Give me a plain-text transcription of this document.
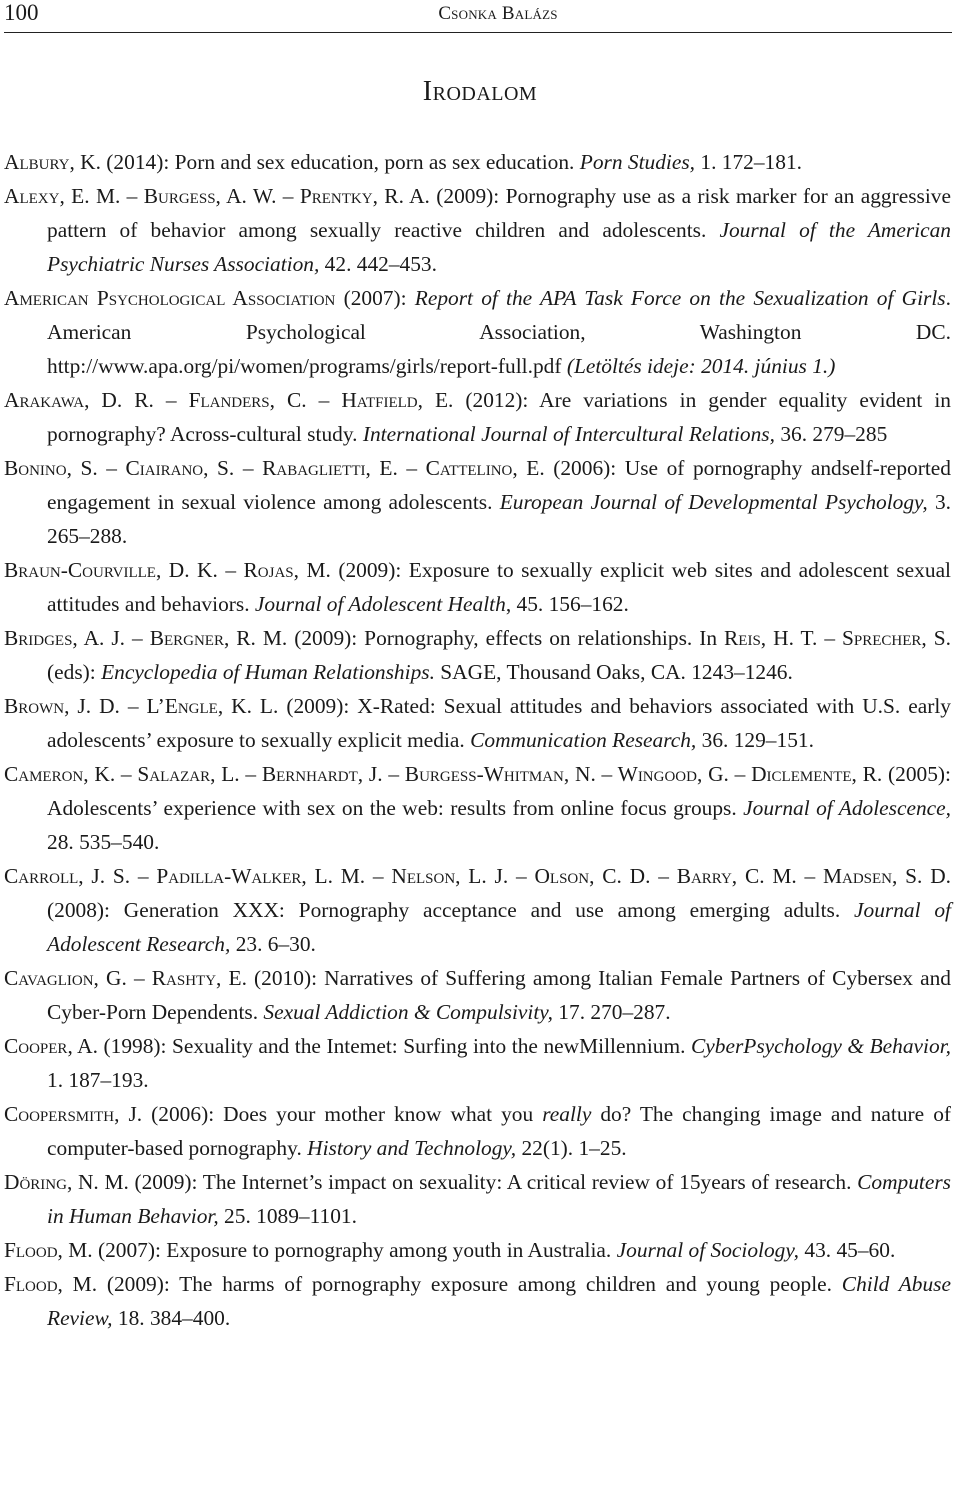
100	Csonka Balázs
Irodalom

Albury, K. (2014): Porn and sex education, porn as sex education. Porn Studies, 1. 172–181.

Alexy, E. M. – Burgess, A. W. – Prentky, R. A. (2009): Pornography use as a risk marker for an aggressive pattern of behavior among sexually reactive children and adolescents. Journal of the American Psychiatric Nurses Association, 42. 442–453.

American Psychological Association (2007): Report of the APA Task Force on the Sexualization of Girls. American Psychological Association, Washington DC. http://www.apa.org/pi/women/programs/girls/report-full.pdf (Letöltés ideje: 2014. június 1.)

Arakawa, D. R. – Flanders, C. – Hatfield, E. (2012): Are variations in gender equality evident in pornography? Across-cultural study. International Journal of Intercultural Relations, 36. 279–285

Bonino, S. – Ciairano, S. – Rabaglietti, E. – Cattelino, E. (2006): Use of pornography andself-reported engagement in sexual violence among adolescents. European Journal of Developmental Psychology, 3. 265–288.

Braun-Courville, D. K. – Rojas, M. (2009): Exposure to sexually explicit web sites and adolescent sexual attitudes and behaviors. Journal of Adolescent Health, 45. 156–162.

Bridges, A. J. – Bergner, R. M. (2009): Pornography, effects on relationships. In Reis, H. T. – Sprecher, S. (eds): Encyclopedia of Human Relationships. SAGE, Thousand Oaks, CA. 1243–1246.

Brown, J. D. – L’Engle, K. L. (2009): X-Rated: Sexual attitudes and behaviors associated with U.S. early adolescents’ exposure to sexually explicit media. Communication Research, 36. 129–151.

Cameron, K. – Salazar, L. – Bernhardt, J. – Burgess-Whitman, N. – Wingood, G. – Diclemente, R. (2005): Adolescents’ experience with sex on the web: results from online focus groups. Journal of Adolescence, 28. 535–540.

Carroll, J. S. – Padilla-Walker, L. M. – Nelson, L. J. – Olson, C. D. – Barry, C. M. – Madsen, S. D. (2008): Generation XXX: Pornography acceptance and use among emerging adults. Journal of Adolescent Research, 23. 6–30.

Cavaglion, G. – Rashty, E. (2010): Narratives of Suffering among Italian Female Partners of Cybersex and Cyber-Porn Dependents. Sexual Addiction & Compulsivity, 17. 270–287.

Cooper, A. (1998): Sexuality and the Intemet: Surfing into the newMillennium. CyberPsychology & Behavior, 1. 187–193.

Coopersmith, J. (2006): Does your mother know what you really do? The changing image and nature of computer-based pornography. History and Technology, 22(1). 1–25.

Döring, N. M. (2009): The Internet’s impact on sexuality: A critical review of 15years of research. Computers in Human Behavior, 25. 1089–1101.

Flood, M. (2007): Exposure to pornography among youth in Australia. Journal of Sociology, 43. 45–60.

Flood, M. (2009): The harms of pornography exposure among children and young people. Child Abuse Review, 18. 384–400.
